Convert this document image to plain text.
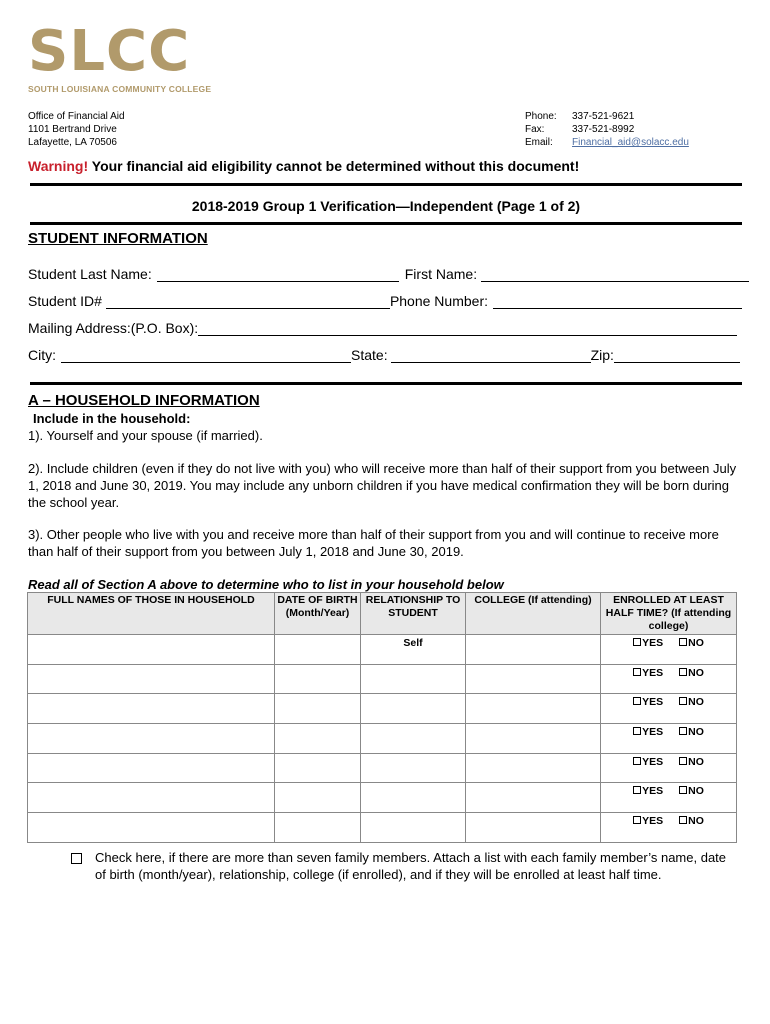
SLCC
SOUTH LOUISIANA COMMUNITY COLLEGE
Office of Financial Aid
1101 Bertrand Drive
Lafayette, LA 70506
Phone:	337-521-9621
Fax:	337-521-8992
Email:	Financial_aid@solacc.edu
Warning! Your financial aid eligibility cannot be determined without this document!
2018-2019 Group 1 Verification—Independent (Page 1 of 2)
STUDENT INFORMATION
Student Last Name:	First Name:
Student ID#	Phone Number:
Mailing Address:(P.O. Box):
City:	State:	Zip:
A – HOUSEHOLD INFORMATION
Include in the household:
1). Yourself and your spouse (if married).
2). Include children (even if they do not live with you) who will receive more than half of their support from you between July 1, 2018 and June 30, 2019. You may include any unborn children if you have medical confirmation they will be born during the school year.
3). Other people who live with you and receive more than half of their support from you and will continue to receive more than half of their support from you between July 1, 2018 and June 30, 2019.
Read all of Section A above to determine who to list in your household below
FULL NAMES OF THOSE IN HOUSEHOLD	DATE OF BIRTH (Month/Year)	RELATIONSHIP TO STUDENT	COLLEGE (If attending)	ENROLLED AT LEAST HALF TIME? (If attending college)
		Self		YES NO

				YES NO

				YES NO

				YES NO

				YES NO

				YES NO

				YES NO
Check here, if there are more than seven family members. Attach a list with each family member’s name, date of birth (month/year), relationship, college (if enrolled), and if they will be enrolled at least half time.
